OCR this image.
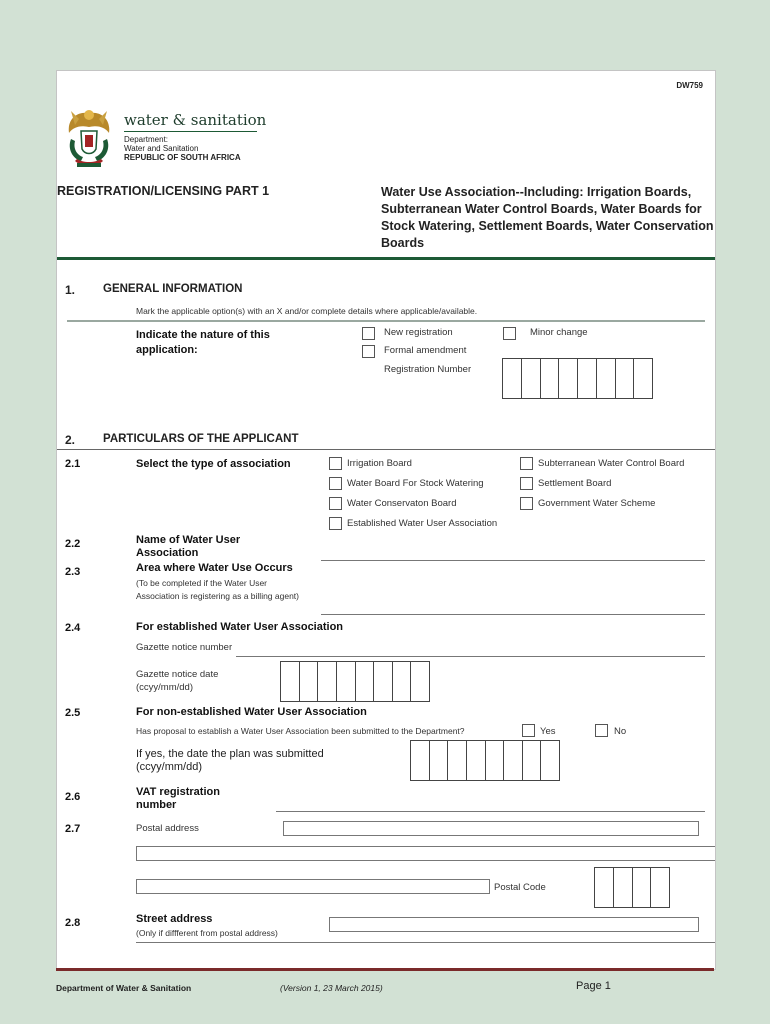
DW759
water & sanitation
Department:
Water and Sanitation
REPUBLIC OF SOUTH AFRICA
REGISTRATION/LICENSING PART 1	Water Use Association--Including: Irrigation Boards, Subterranean Water Control Boards, Water Boards for Stock Watering, Settlement Boards, Water Conservation Boards
1. GENERAL INFORMATION
Mark the applicable option(s) with an X and/or complete details where applicable/available.
Indicate the nature of this application:
New registration	Minor change
Formal amendment
Registration Number
2. PARTICULARS OF THE APPLICANT
2.1	Select the type of association	Irrigation Board	Subterranean Water Control Board
Water Board For Stock Watering	Settlement Board
Water Conservaton Board	Government Water Scheme
Established Water User Association
2.2	Name of Water User Association
2.3	Area where Water Use Occurs
(To be completed if the Water User Association is registering as a billing agent)
2.4	For established Water User Association
Gazette notice number
Gazette notice date
(ccyy/mm/dd)
2.5	For non-established Water User Association
Has proposal to establish a Water User Association been submitted to the Department?	Yes	No
If yes, the date the plan was submitted
(ccyy/mm/dd)
2.6	VAT registration number
2.7	Postal address
Postal Code
2.8	Street address
(Only if diffferent from postal address)
Department of Water & Sanitation	(Version 1, 23 March 2015)	Page 1
